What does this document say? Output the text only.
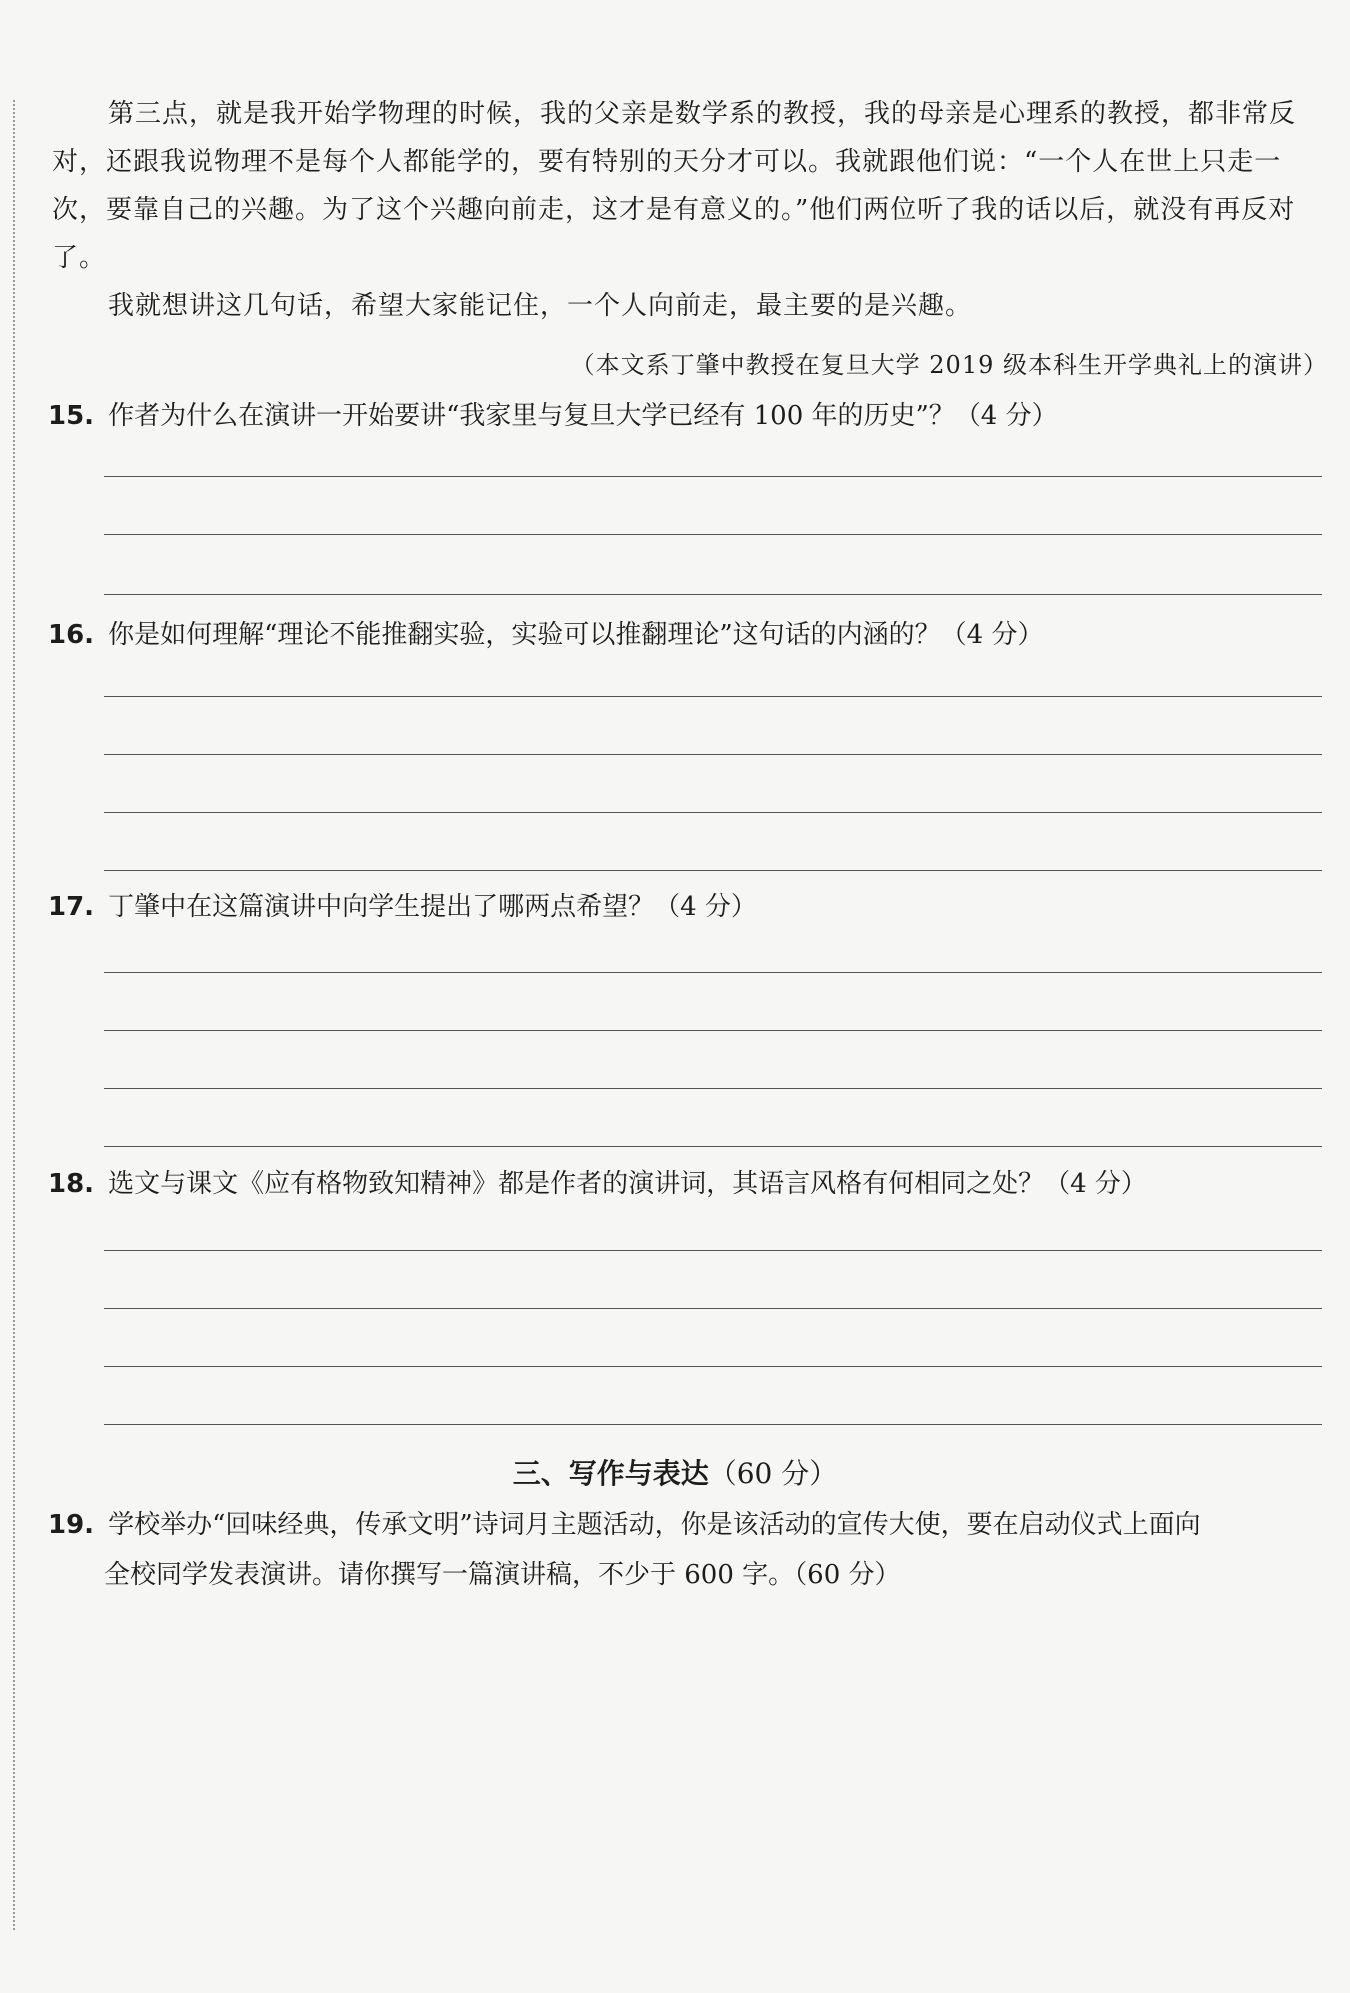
第三点，就是我开始学物理的时候，我的父亲是数学系的教授，我的母亲是心理系的教授，都非常反对，还跟我说物理不是每个人都能学的，要有特别的天分才可以。我就跟他们说：“一个人在世上只走一次，要靠自己的兴趣。为了这个兴趣向前走，这才是有意义的。”他们两位听了我的话以后，就没有再反对了。

我就想讲这几句话，希望大家能记住，一个人向前走，最主要的是兴趣。

（本文系丁肇中教授在复旦大学 2019 级本科生开学典礼上的演讲）
15. 作者为什么在演讲一开始要讲“我家里与复旦大学已经有 100 年的历史”？（4 分）
16. 你是如何理解“理论不能推翻实验，实验可以推翻理论”这句话的内涵的？（4 分）
17. 丁肇中在这篇演讲中向学生提出了哪两点希望？（4 分）
18. 选文与课文《应有格物致知精神》都是作者的演讲词，其语言风格有何相同之处？（4 分）
三、写作与表达（60 分）
19. 学校举办“回味经典，传承文明”诗词月主题活动，你是该活动的宣传大使，要在启动仪式上面向
全校同学发表演讲。请你撰写一篇演讲稿，不少于 600 字。（60 分）
